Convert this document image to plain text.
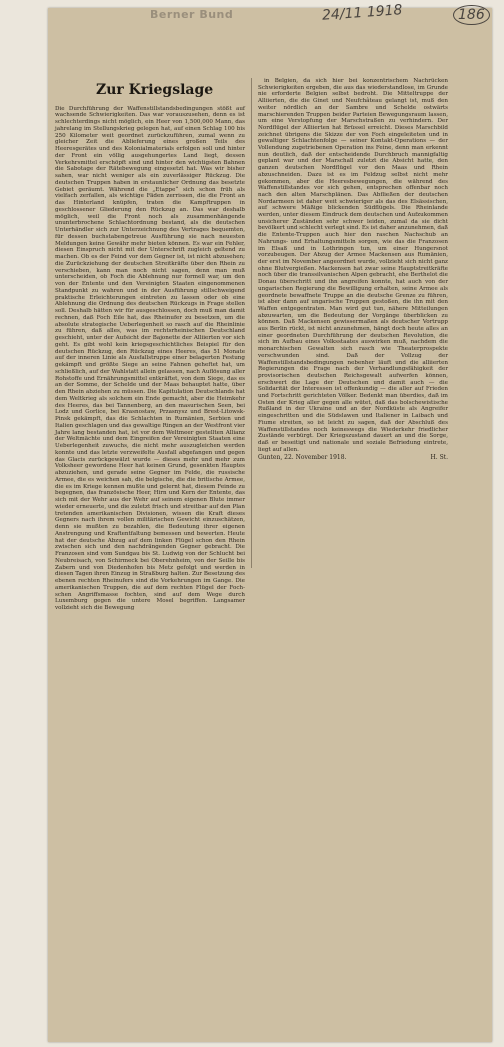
Berner Bund	24/11 1918	186
Zur Kriegslage

Die Durchführung der Waffenstillstandsbedingungen stößt auf wachsende Schwierigkeiten. Das war vorauszusehen, denn es ist schlechterdings nicht möglich, ein Heer von 1,500,000 Mann, das jahrelang im Stellungskrieg gelegen hat, auf einen Schlag 100 bis 250 Kilometer weit geordnet zurückzuführen, zumal wenn zu gleicher Zeit die Ablieferung eines großen Teils des Heeresgerätes und des Kolonialmaterials erfolgen soll und hinter der Front ein völlig ausgehungertes Land liegt, dessen Verkehrsmittel erschöpft sind und hinter den wichtigsten Bahnen die Sabotage der Rätebewegung eingesetzt hat. Was wir bisher sahen, war nicht weniger als ein zuverlässiger Rückzug. Die deutschen Truppen haben in erstaunlicher Ordnung das besetzte Gebiet geräumt. Während die „Etappe“ sich schon früh als vielfach zerfallen, als wichtige Fäden zerrissen, die die Front an das Hinterland knüpfen, traten die Kampftruppen in geschlossener Gliederung den Rückzug an. Das war deshalb möglich, weil die Front noch als zusammenhängende ununterbrochene Schlachtordnung bestand, als die deutschen Unterhändler sich zur Unterzeichnung des Vertrages bequemten, für dessen buchstabengetreue Ausführung sie nach neuesten Meldungen keine Gewähr mehr bieten können. Es war ein Fehler, diesen Einspruch nicht mit der Unterschrift zugleich geltend zu machen. Ob es der Feind vor dem Gegner ist, ist nicht abzusehen; die Zurückziehung der deutschen Streitkräfte über den Rhein zu verschieben, kann man noch nicht sagen, denn man muß unterscheiden, ob Foch die Ablehnung nur formell war, um den von der Entente und den Vereinigten Staaten eingenommenen Standpunkt zu wahren und in der Ausführung stillschweigend praktische Erleichterungen eintreten zu lassen oder ob eine Ablehnung die Ordnung des deutschen Rückzugs in Frage stellen soll. Deshalb hätten wir für ausgeschlossen, doch muß man damit rechnen, daß Foch Eile hat, das Rheinufer zu besetzen, um die absolute strategische Ueberlegenheit so rasch auf die Rheinlinie zu führen, daß alles, was im rechtsrheinischen Deutschland geschieht, unter der Aufsicht der Bajonette der Alliierten vor sich geht. Es gibt wohl kein kriegsgeschichtliches Beispiel für den deutschen Rückzug, den Rückzug eines Heeres, das 51 Monate auf der inneren Linie als Ausfallstruppe einer belagerten Festung gekämpft und größte Siege an seine Fahnen geheftet hat, um schließlich, auf der Wahlstatt allein gelassen, nach Auflösung aller Rohstoffe und Ernährungsmittel entkräftet, von dem Siege, das es an der Somme, der Schelde und der Maas behauptet hatte, über den Rhein abziehen zu müssen. Die Kapitulation Deutschlands hat dem Weltkrieg als solchem ein Ende gemacht, aber die Heimkehr des Heeres, das bei Tannenberg, an den masurischen Seen, bei Lodz und Gorlice, bei Krasnostaw, Przasnysz und Brest-Litowsk-Pinsk gekämpft, das die Schlachten in Rumänien, Serbien und Italien geschlagen und das gewaltige Ringen an der Westfront vier Jahre lang bestanden hat, ist vor dem Weltmeer gestellten Allianz der Weltmächte und dem Eingreifen der Vereinigten Staaten eine Ueberlegenheit zuwuchs, die nicht mehr auszugleichen werden konnte und das letzte verzweifelte Ausfall abgefangen und gegen das Glacis zurückgewälzt wurde — dieses mehr und mehr zum Volksheer gewordene Heer hat keinen Grund, gesenkten Hauptes abzuziehen, und gerade seine Gegner im Felde, die russische Armee, die es weichen sah, die belgische, die die britische Armee, die es im Kriege kennen mußte und gelernt hat, diesem Feinde zu begegnen, das französische Heer, Hirn und Kern der Entente, das sich mit der Wehr aus der Wehr auf seinem eigenen Blute immer wieder erneuerte, und die zuletzt frisch und streitbar auf den Plan tretenden amerikanischen Divisionen, wissen die Kraft dieses Gegners nach ihrem vollen militärischen Gewicht einzuschätzen, denn sie mußten zu bezahlen, die Bedeutung ihrer eigenen Anstrengung und Kraftentfaltung bemessen und bewerten. Heute hat der deutsche Abzug auf dem linken Flügel schon den Rhein zwischen sich und den nachdrängenden Gegner gebracht. Die Franzosen sind vom Sundgau bis St. Ludwig von der Schlucht bei Neubreisach, von Schirmeck bei Oberehnheim, von der Seille bis Zabern und von Diedenhofen bis Metz gefolgt und werden in diesen Tagen ihren Einzug in Straßburg halten. Zur Besetzung des ebenen rechten Rheinufers sind die Vorkehrungen im Gange. Die amerikanischen Truppen, die auf dem rechten Flügel der Foch-schen Angriffsmasse fochten, sind auf dem Wege durch Luxemburg gegen die untere Mosel begriffen. Langsamer vollzieht sich die Bewegung

in Belgien, da sich hier bei konzentrischem Nachrücken Schwierigkeiten ergeben, die aus das wiederstandlose, im Grunde nie erforderte Belgien selbst bedroht. Die Mitteltruppe der Alliierten, die die Ginet und Neufchâteau gelangt ist, muß den weiter nördlich an der Sambre und Schelde ostwärts marschierenden Truppen beider Parteien Bewegungsraum lassen, um eine Verstopfung der Marschstraßen zu verhindern. Der Nordflügel der Alliierten hat Brüssel erreicht. Dieses Marschbild zeichnet übrigens die Skizze der von Foch eingeleiteten und in gewaltiger Schlachtenfolge — seiner Kontakt-Operations — der Vollendung zugetriebenen Operation ins Feine, denn man erkennt nun deutlich, daß der entscheidende Durchbruch mannigfaltig geplant war und der Marschall zuletzt die Absicht hatte, den ganzen deutschen Nordflügel vor den Maas und Rhein abzuschneiden. Dazu ist es im Feldzug selbst nicht mehr gekommen, aber die Heeresbewegungen, die während des Waffenstillstandes vor sich gehen, entsprechen offenbar noch nach den alten Marschplänen. Das Abfließen der deutschen Nordarmeen ist daher weit schwieriger als das des Elsässischen, auf schwere Mäßige blickenden Südflügels. Die Rheinlande werden, unter diesem Eindruck dem deutschen und Aufzukommen unsicherer Zuständen sehr schwer leiden, zumal da sie dicht bevölkert und schlecht verlegt sind. Es ist daher anzunehmen, daß die Entente-Truppen auch hier den raschen Nachschub an Nahrungs- und Erhaltungsmitteln sorgen, wie das die Franzosen im Elsaß und in Lothringen tun, um einer Hungersnot vorzubeugen. Der Abzug der Armee Mackensen aus Rumänien, der erst im November angeordnet wurde, vollzieht sich nicht ganz ohne Blutvergießen. Mackensen hat zwar seine Hauptstreitkräfte noch über die transsilvanischen Alpen gebracht, ehe Berthelot die Donau überschritt und ihn angreifen konnte, hat auch von der ungarischen Regierung die Bewilligung erhalten, seine Armee als geordnete bewaffnete Truppe an die deutsche Grenze zu führen, ist aber dann auf ungarische Truppen gestoßen, die ihn mit den Waffen entgegentraten. Man wird gut tun, nähere Mitteilungen abzuwarten, um die Bedeutung der Vorgänge überblicken zu können. Daß Mackensen gewissermaßen als deutscher Vortrupp aus Berlin rückt, ist nicht anzunehmen, hängt doch heute alles an einer geordneten Durchführung der deutschen Revolution, die sich im Aufbau eines Volksstaates auswirken muß, nachdem die monarchischen Gewalten sich rasch wie Theaterprospekte verschwunden sind. Daß der Vollzug der Waffenstillstandsbedingungen nebenher läuft und die alliierten Regierungen die Frage nach der Verhandlungsfähigkeit der provisorischen deutschen Reichsgewalt aufwerfen können, erschwert die Lage der Deutschen und damit auch — die Solidarität der Interessen ist offenkundig — die aller auf Frieden und Fortschritt gerichteten Völker. Bedenkt man überdies, daß im Osten der Krieg aller gegen alle wütet, daß das bolschewistische Rußland in der Ukraine und an der Nordküste als Angreifer eingeschritten und die Südslawen und Italiener in Laibach und Fiume streiten, so ist leicht zu sagen, daß der Abschluß des Waffenstillstandes noch keineswegs die Wiederkehr friedlicher Zustände verbürgt. Der Kriegszustand dauert an und die Sorge, daß er beseitigt und nationale und soziale Befriedung eintrete, liegt auf allen.

Gunten, 22. November 1918.	H. St.
